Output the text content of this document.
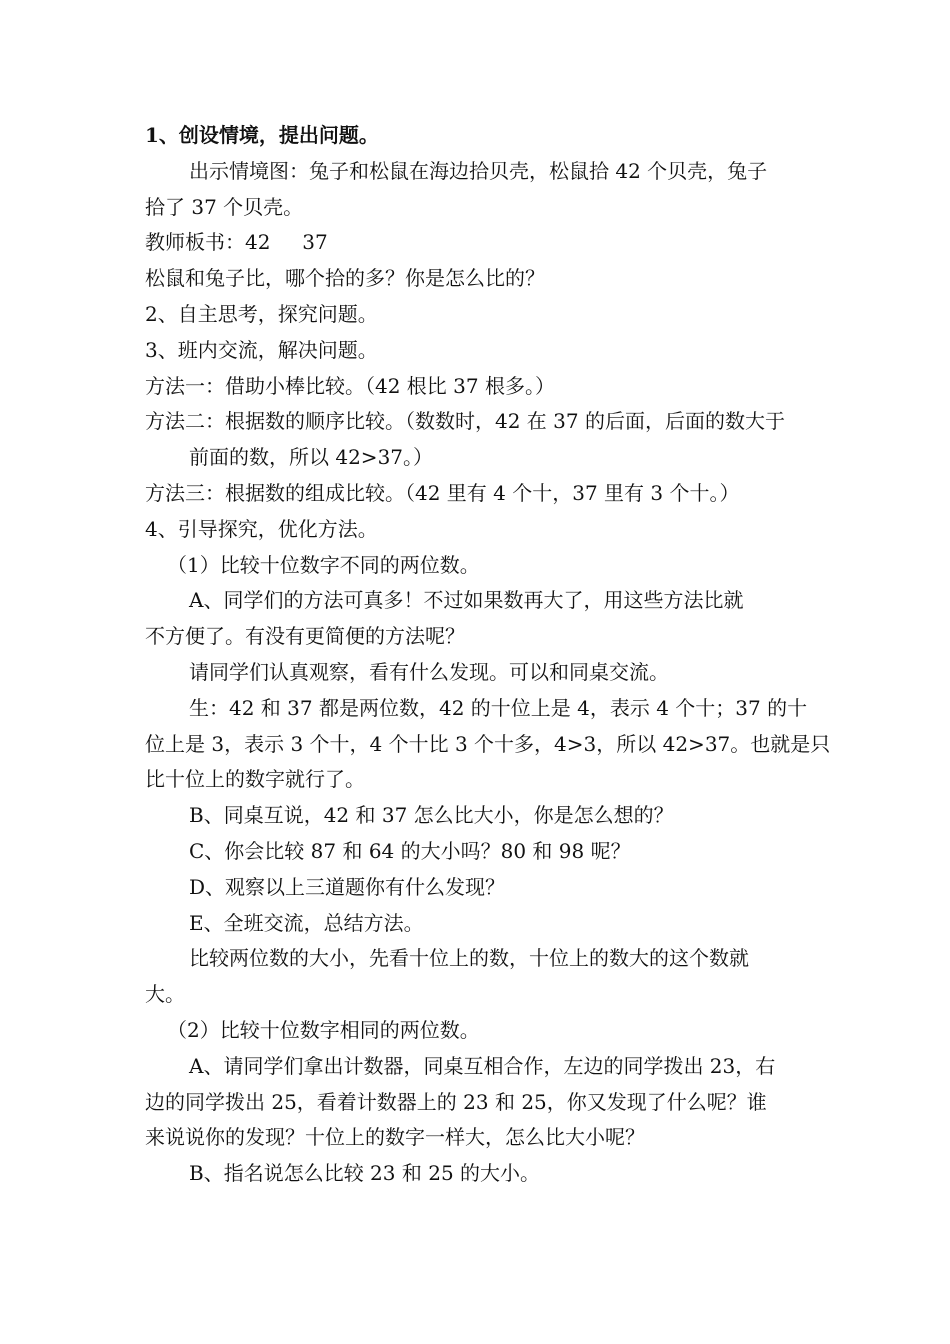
1、创设情境，提出问题。
出示情境图：兔子和松鼠在海边拾贝壳，松鼠拾 42 个贝壳，兔子
拾了 37 个贝壳。
教师板书：42     37
松鼠和兔子比，哪个拾的多？你是怎么比的？
2、自主思考，探究问题。
3、班内交流，解决问题。
方法一：借助小棒比较。（42 根比 37 根多。）
方法二：根据数的顺序比较。（数数时，42 在 37 的后面，后面的数大于
前面的数，所以 42>37。）
方法三：根据数的组成比较。（42 里有 4 个十，37 里有 3 个十。）
4、引导探究，优化方法。
（1）比较十位数字不同的两位数。
A、同学们的方法可真多！不过如果数再大了，用这些方法比就
不方便了。有没有更简便的方法呢？
请同学们认真观察，看有什么发现。可以和同桌交流。
生：42 和 37 都是两位数，42 的十位上是 4，表示 4 个十；37 的十
位上是 3，表示 3 个十，4 个十比 3 个十多，4>3，所以 42>37。也就是只
比十位上的数字就行了。
B、同桌互说，42 和 37 怎么比大小，你是怎么想的？
C、你会比较 87 和 64 的大小吗？80 和 98 呢？
D、观察以上三道题你有什么发现？
E、全班交流，总结方法。
比较两位数的大小，先看十位上的数，十位上的数大的这个数就
大。
（2）比较十位数字相同的两位数。
A、请同学们拿出计数器，同桌互相合作，左边的同学拨出 23，右
边的同学拨出 25，看着计数器上的 23 和 25，你又发现了什么呢？谁
来说说你的发现？十位上的数字一样大，怎么比大小呢？
B、指名说怎么比较 23 和 25 的大小。
